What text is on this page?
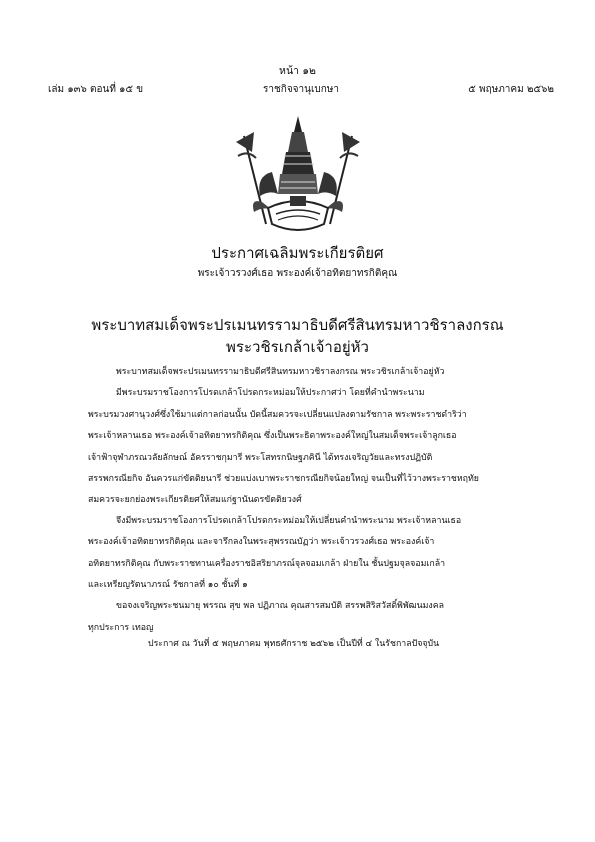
หน้า ๑๒
เล่ม ๑๓๖ ตอนที่ ๑๕ ข	ราชกิจจานุเบกษา	๕ พฤษภาคม ๒๕๖๒
ประกาศเฉลิมพระเกียรติยศ
พระเจ้าวรวงศ์เธอ พระองค์เจ้าอทิตยาทรกิติคุณ
พระบาทสมเด็จพระปรเมนทรรามาธิบดีศรีสินทรมหาวชิราลงกรณ
พระวชิรเกล้าเจ้าอยู่หัว
พระบาทสมเด็จพระปรเมนทรรามาธิบดีศรีสินทรมหาวชิราลงกรณ พระวชิรเกล้าเจ้าอยู่หัว
มีพระบรมราชโองการโปรดเกล้าโปรดกระหม่อมให้ประกาศว่า โดยที่คำนำพระนาม
พระบรมวงศานุวงศ์ซึ่งใช้มาแต่กาลก่อนนั้น บัดนี้สมควรจะเปลี่ยนแปลงตามรัชกาล พระพระราชดำริว่า
พระเจ้าหลานเธอ พระองค์เจ้าอทิตยาทรกิติคุณ ซึ่งเป็นพระธิดาพระองค์ใหญ่ในสมเด็จพระเจ้าลูกเธอ
เจ้าฟ้าจุฬาภรณวลัยลักษณ์ อัครราชกุมารี พระโสทรกนิษฐภคินี ได้ทรงเจริญวัยและทรงปฏิบัติ
สรรพกรณียกิจ อันควรแก่ขัตติยนารี ช่วยแบ่งเบาพระราชกรณียกิจน้อยใหญ่ จนเป็นที่ไว้วางพระราชหฤทัย
สมควรจะยกย่องพระเกียรติยศให้สมแก่ฐานันดรขัตติยวงศ์
จึงมีพระบรมราชโองการโปรดเกล้าโปรดกระหม่อมให้เปลี่ยนคำนำพระนาม พระเจ้าหลานเธอ
พระองค์เจ้าอทิตยาทรกิติคุณ และจารึกลงในพระสุพรรณบัฏว่า พระเจ้าวรวงศ์เธอ พระองค์เจ้า
อทิตยาทรกิติคุณ กับพระราชทานเครื่องราชอิสริยาภรณ์จุลจอมเกล้า ฝ่ายใน ชั้นปฐมจุลจอมเกล้า
และเหรียญรัตนาภรณ์ รัชกาลที่ ๑๐ ชั้นที่ ๑
ขอจงเจริญพระชนมายุ พรรณ สุข พล ปฏิภาณ คุณสารสมบัติ สรรพสิริสวัสดิ์พิพัฒนมงคล
ทุกประการ เทอญ
ประกาศ ณ วันที่ ๕ พฤษภาคม พุทธศักราช ๒๕๖๒ เป็นปีที่ ๔ ในรัชกาลปัจจุบัน
